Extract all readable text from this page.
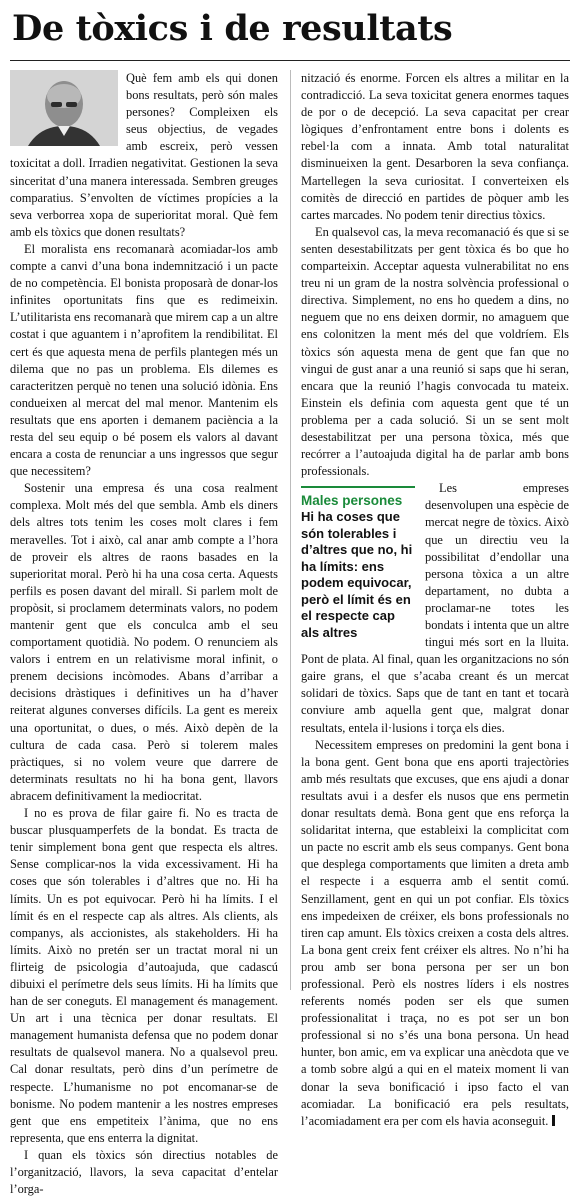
De tòxics i de resultats

Què fem amb els qui donen bons resultats, però són males persones? Compleixen els seus objectius, de vegades amb escreix, però vessen toxicitat a doll. Irradien negativitat. Gestionen la seva sinceritat d’una manera interessada. Sembren greuges comparatius. S’envolten de víctimes propícies a la seva verborrea xopa de superioritat moral. Què fem amb els tòxics que donen resultats?

El moralista ens recomanarà acomiadar-los amb compte a canvi d’una bona indemnització i un pacte de no competència. El bonista proposarà de donar-los infinites oportunitats fins que es redimeixin. L’utilitarista ens recomanarà que mirem cap a un altre costat i que aguantem i n’aprofitem la rendibilitat. El cert és que aquesta mena de perfils plantegen més un dilema que no pas un problema. Els dilemes es caracteritzen perquè no tenen una solució idònia. Ens condueixen al mercat del mal menor. Mantenim els resultats que ens aporten i demanem paciència a la resta del seu equip o bé posem els valors al davant encara a costa de renunciar a uns ingressos que segur que necessitem?

Sostenir una empresa és una cosa realment complexa. Molt més del que sembla. Amb els diners dels altres tots tenim les coses molt clares i fem meravelles. Tot i això, cal anar amb compte a l’hora de proveir els altres de raons basades en la superioritat moral. Però hi ha una cosa certa. Aquests perfils es posen davant del mirall. Si parlem molt de propòsit, si proclamem determinats valors, no podem mantenir gent que els conculca amb el seu comportament quotidià. No podem. O renunciem als valors i entrem en un relativisme moral infinit, o prenem decisions incòmodes. Abans d’arribar a decisions dràstiques i definitives un ha d’haver reiterat algunes converses difícils. La gent es mereix una oportunitat, o dues, o més. Això depèn de la cultura de cada casa. Però si tolerem males pràctiques, si no volem veure que darrere de determinats resultats no hi ha bona gent, llavors abracem definitivament la mediocritat.

I no es prova de filar gaire fi. No es tracta de buscar plusquamperfets de la bondat. Es tracta de tenir simplement bona gent que respecta els altres. Sense complicar-nos la vida excessivament. Hi ha coses que són tolerables i d’altres que no. Hi ha límits. Un es pot equivocar. Però hi ha límits. I el límit és en el respecte cap als altres. Als clients, als companys, als accionistes, als stakeholders. Hi ha límits. Això no pretén ser un tractat moral ni un flirteig de psicologia d’autoajuda, que cadascú dibuixi el perímetre dels seus límits. Hi ha límits que han de ser coneguts. El management és management. Un art i una tècnica per donar resultats. El management humanista defensa que no podem donar resultats de qualsevol manera. No a qualsevol preu. Cal donar resultats, però dins d’un perímetre de respecte. L’humanisme no pot encomanar-se de bonisme. No podem mantenir a les nostres empreses gent que ens empetiteix l’ànima, que no ens representa, que ens enterra la dignitat.

I quan els tòxics són directius notables de l’organització, llavors, la seva capacitat d’entelar l’orga-

nització és enorme. Forcen els altres a militar en la contradicció. La seva toxicitat genera enormes taques de por o de decepció. La seva capacitat per crear lògiques d’enfrontament entre bons i dolents es rebel·la com a innata. Amb total naturalitat disminueixen la gent. Desarboren la seva confiança. Martellegen la seva curiositat. I converteixen els comitès de direcció en partides de pòquer amb les cartes marcades. No podem tenir directius tòxics.

En qualsevol cas, la meva recomanació és que si se senten desestabilitzats per gent tòxica és bo que ho comparteixin. Acceptar aquesta vulnerabilitat no ens treu ni un gram de la nostra solvència professional o directiva. Simplement, no ens ho quedem a dins, no neguem que no ens deixen dormir, no amaguem que ens colonitzen la ment més del que voldríem. Els tòxics són aquesta mena de gent que fan que no vingui de gust anar a una reunió si saps que hi seran, encara que la reunió l’hagis convocada tu mateix. Einstein els definia com aquesta gent que té un problema per a cada solució. Si un se sent molt desestabilitzat per una persona tòxica, més que recórrer a l’autoajuda digital ha de parlar amb bons professionals.

Males persones
Hi ha coses que són tolerables i d’altres que no, hi ha límits: ens podem equivocar, però el límit és en el respecte cap als altres

Les empreses desenvolupen una espècie de mercat negre de tòxics. Això que un directiu veu la possibilitat d’endollar una persona tòxica a un altre departament, no dubta a proclamar-ne totes les bondats i intenta que un altre tingui més sort en la lluita. Pont de plata. Al final, quan les organitzacions no són gaire grans, el que s’acaba creant és un mercat solidari de tòxics. Saps que de tant en tant et tocarà conviure amb aquella gent que, malgrat donar resultats, entela il·lusions i torça els dies.

Necessitem empreses on predomini la gent bona i la bona gent. Gent bona que ens aporti trajectòries amb més resultats que excuses, que ens ajudi a donar resultats avui i a desfer els nusos que ens permetin donar resultats demà. Bona gent que ens reforça la solidaritat interna, que estableixi la complicitat com un pacte no escrit amb els seus companys. Gent bona que desplega comportaments que limiten a dreta amb el respecte i a esquerra amb el sentit comú. Senzillament, gent en qui un pot confiar. Els tòxics ens impedeixen de créixer, els bons professionals no tiren cap amunt. Els tòxics creixen a costa dels altres. La bona gent creix fent créixer els altres. No n’hi ha prou amb ser bona persona per ser un bon professional. Però els nostres líders i els nostres referents només poden ser els que sumen professionalitat i traça, no es pot ser un bon professional si no s’és una bona persona. Un head hunter, bon amic, em va explicar una anècdota que ve a tomb sobre algú a qui en el mateix moment li van donar la seva bonificació i ipso facto el van acomiadar. La bonificació era pels resultats, l’acomiadament era per com els havia aconseguit.
